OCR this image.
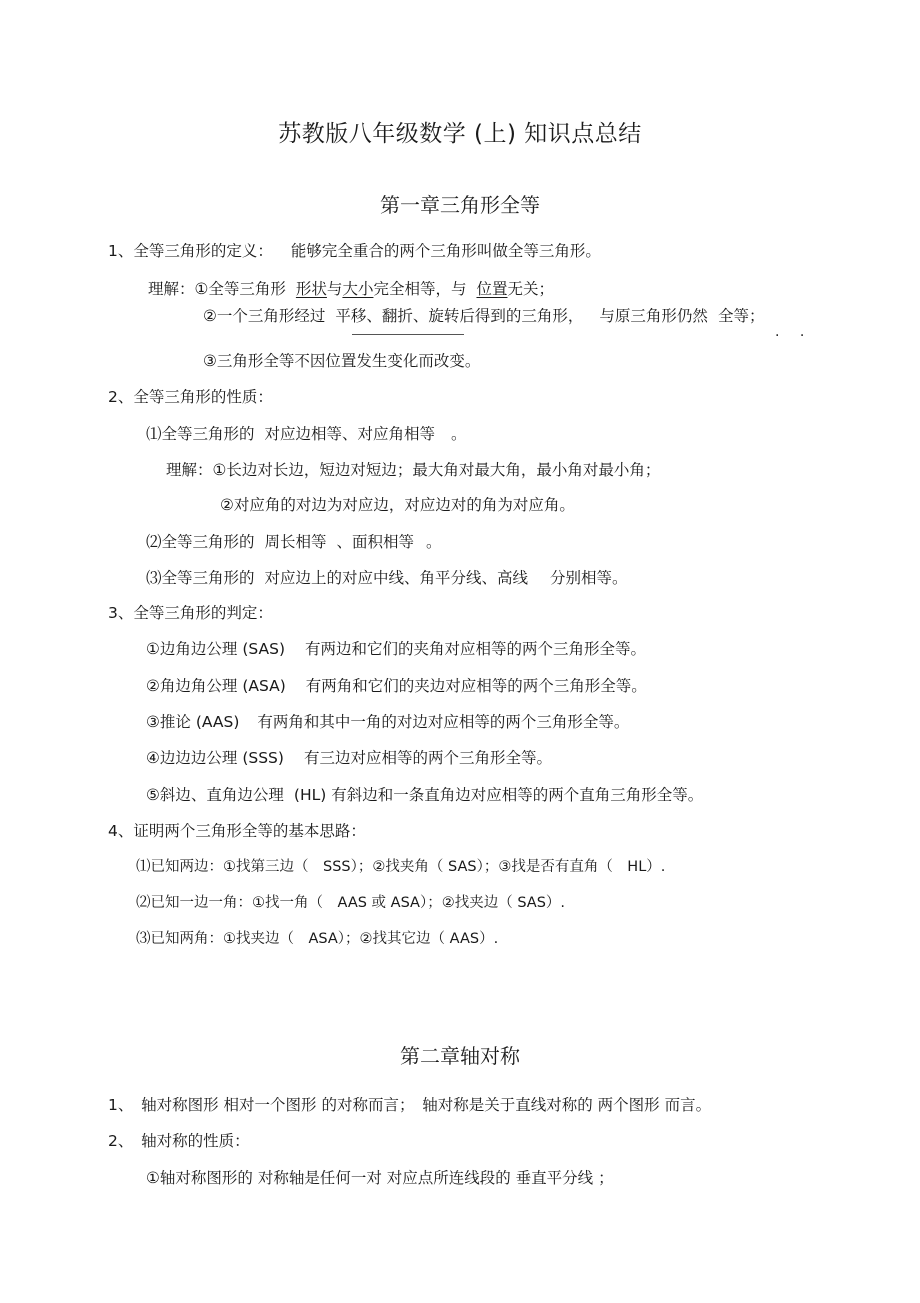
苏教版八年级数学 (上) 知识点总结
第一章三角形全等
1、全等三角形的定义： 能够完全重合的两个三角形叫做全等三角形。
理解：①全等三角形 形状与大小完全相等，与 位置无关；
②一个三角形经过 平移、翻折、旋转后得到的三角形， 与原三角形仍然 全等；
· ·
③三角形全等不因位置发生变化而改变。
2、全等三角形的性质：
⑴全等三角形的 对应边相等、对应角相等 。
理解：①长边对长边，短边对短边；最大角对最大角，最小角对最小角；
②对应角的对边为对应边，对应边对的角为对应角。
⑵全等三角形的 周长相等 、面积相等 。
⑶全等三角形的 对应边上的对应中线、角平分线、高线 分别相等。
3、全等三角形的判定：
①边角边公理 (SAS) 有两边和它们的夹角对应相等的两个三角形全等。
②角边角公理 (ASA) 有两角和它们的夹边对应相等的两个三角形全等。
③推论 (AAS) 有两角和其中一角的对边对应相等的两个三角形全等。
④边边边公理 (SSS) 有三边对应相等的两个三角形全等。
⑤斜边、直角边公理 (HL) 有斜边和一条直角边对应相等的两个直角三角形全等。
4、证明两个三角形全等的基本思路：
⑴已知两边：①找第三边（　SSS）；②找夹角（ SAS）；③找是否有直角（　HL）.
⑵已知一边一角：①找一角（　AAS 或 ASA）；②找夹边（ SAS）.
⑶已知两角：①找夹边（　ASA）；②找其它边（ AAS）.
第二章轴对称
1、　轴对称图形 相对一个图形 的对称而言；　轴对称是关于直线对称的 两个图形 而言。
2、　轴对称的性质：
①轴对称图形的 对称轴是任何一对 对应点所连线段的 垂直平分线 ；
